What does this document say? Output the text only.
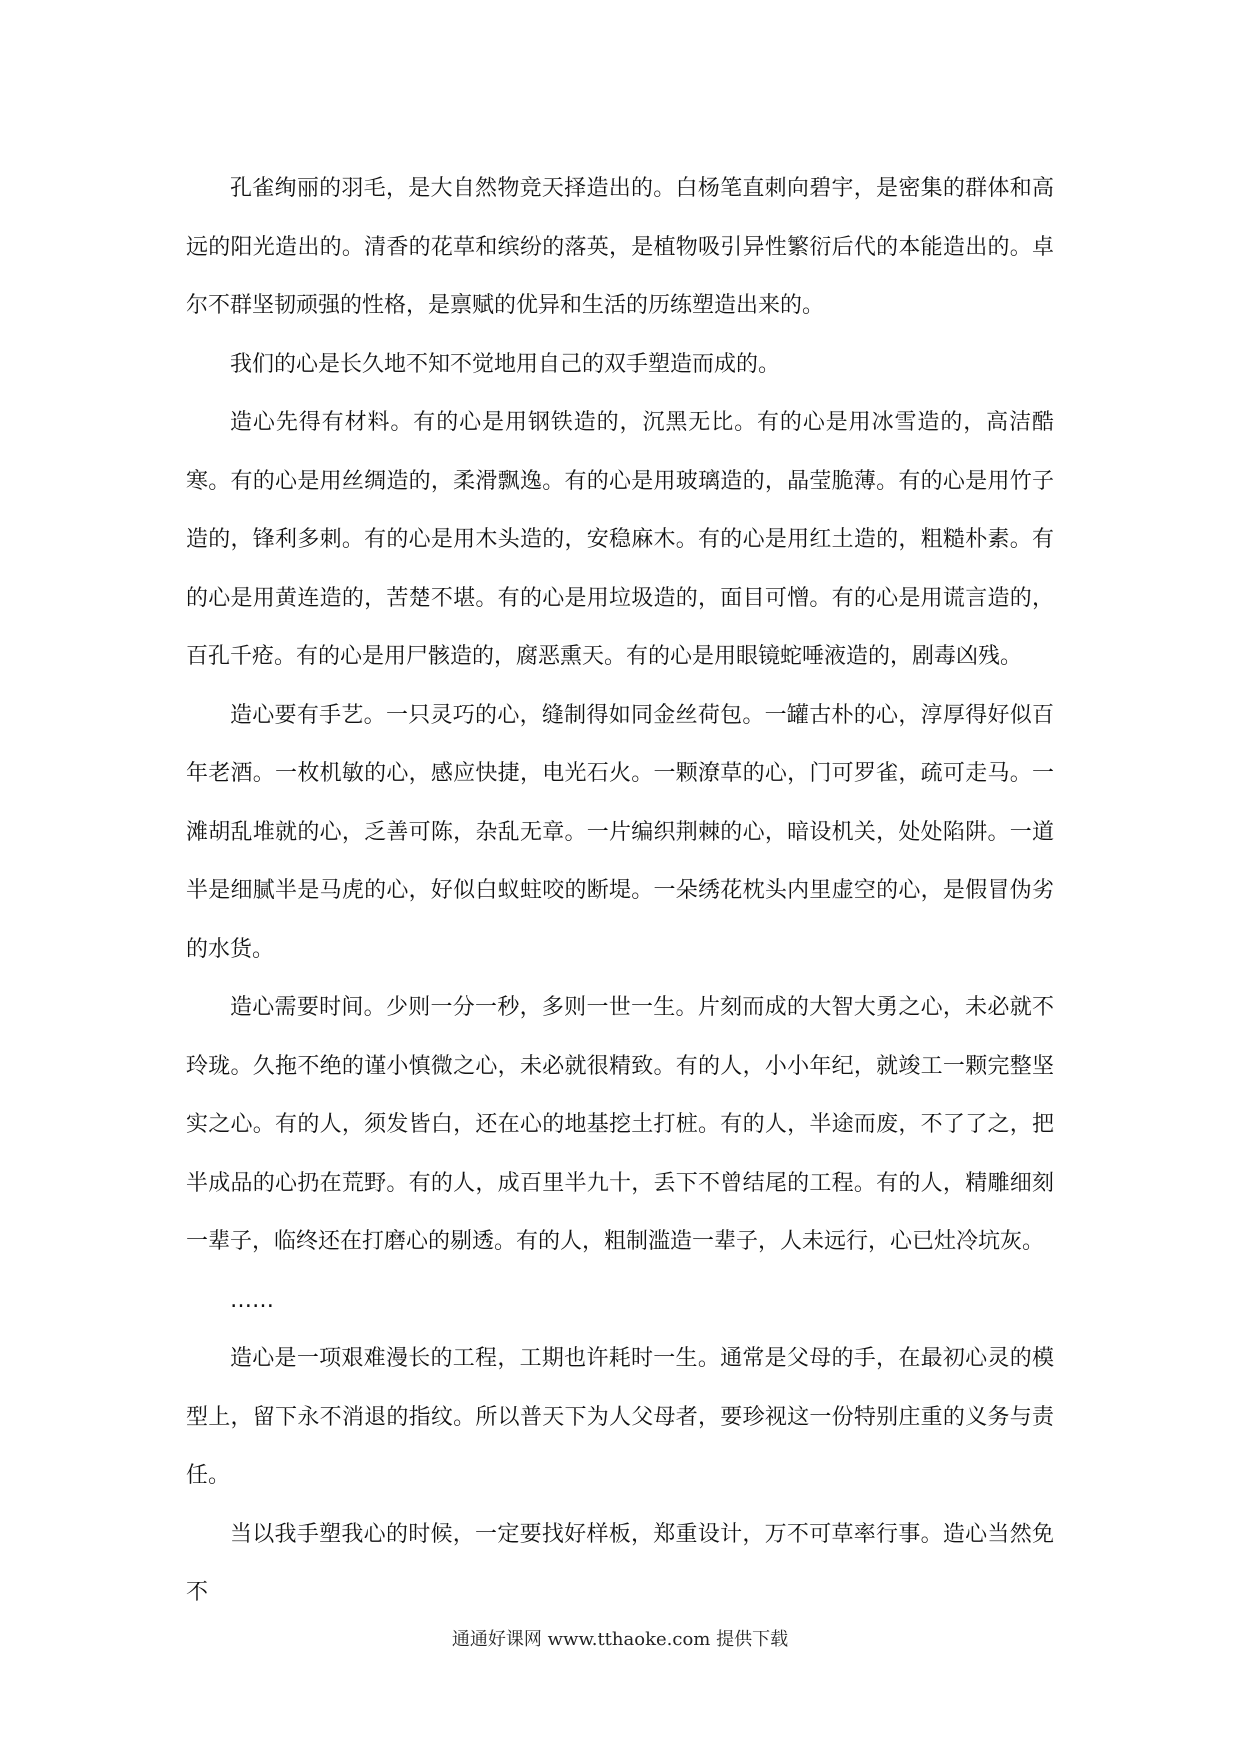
孔雀绚丽的羽毛，是大自然物竞天择造出的。白杨笔直刺向碧宇，是密集的群体和高远的阳光造出的。清香的花草和缤纷的落英，是植物吸引异性繁衍后代的本能造出的。卓尔不群坚韧顽强的性格，是禀赋的优异和生活的历练塑造出来的。

我们的心是长久地不知不觉地用自己的双手塑造而成的。

造心先得有材料。有的心是用钢铁造的，沉黑无比。有的心是用冰雪造的，高洁酷寒。有的心是用丝绸造的，柔滑飘逸。有的心是用玻璃造的，晶莹脆薄。有的心是用竹子造的，锋利多刺。有的心是用木头造的，安稳麻木。有的心是用红土造的，粗糙朴素。有的心是用黄连造的，苦楚不堪。有的心是用垃圾造的，面目可憎。有的心是用谎言造的，百孔千疮。有的心是用尸骸造的，腐恶熏天。有的心是用眼镜蛇唾液造的，剧毒凶残。

造心要有手艺。一只灵巧的心，缝制得如同金丝荷包。一罐古朴的心，淳厚得好似百年老酒。一枚机敏的心，感应快捷，电光石火。一颗潦草的心，门可罗雀，疏可走马。一滩胡乱堆就的心，乏善可陈，杂乱无章。一片编织荆棘的心，暗设机关，处处陷阱。一道半是细腻半是马虎的心，好似白蚁蛀咬的断堤。一朵绣花枕头内里虚空的心，是假冒伪劣的水货。

造心需要时间。少则一分一秒，多则一世一生。片刻而成的大智大勇之心，未必就不玲珑。久拖不绝的谨小慎微之心，未必就很精致。有的人，小小年纪，就竣工一颗完整坚实之心。有的人，须发皆白，还在心的地基挖土打桩。有的人，半途而废，不了了之，把半成品的心扔在荒野。有的人，成百里半九十，丢下不曾结尾的工程。有的人，精雕细刻一辈子，临终还在打磨心的剔透。有的人，粗制滥造一辈子，人未远行，心已灶冷坑灰。

……

造心是一项艰难漫长的工程，工期也许耗时一生。通常是父母的手，在最初心灵的模型上，留下永不消退的指纹。所以普天下为人父母者，要珍视这一份特别庄重的义务与责任。

当以我手塑我心的时候，一定要找好样板，郑重设计，万不可草率行事。造心当然免不

通通好课网 www.tthaoke.com 提供下载
